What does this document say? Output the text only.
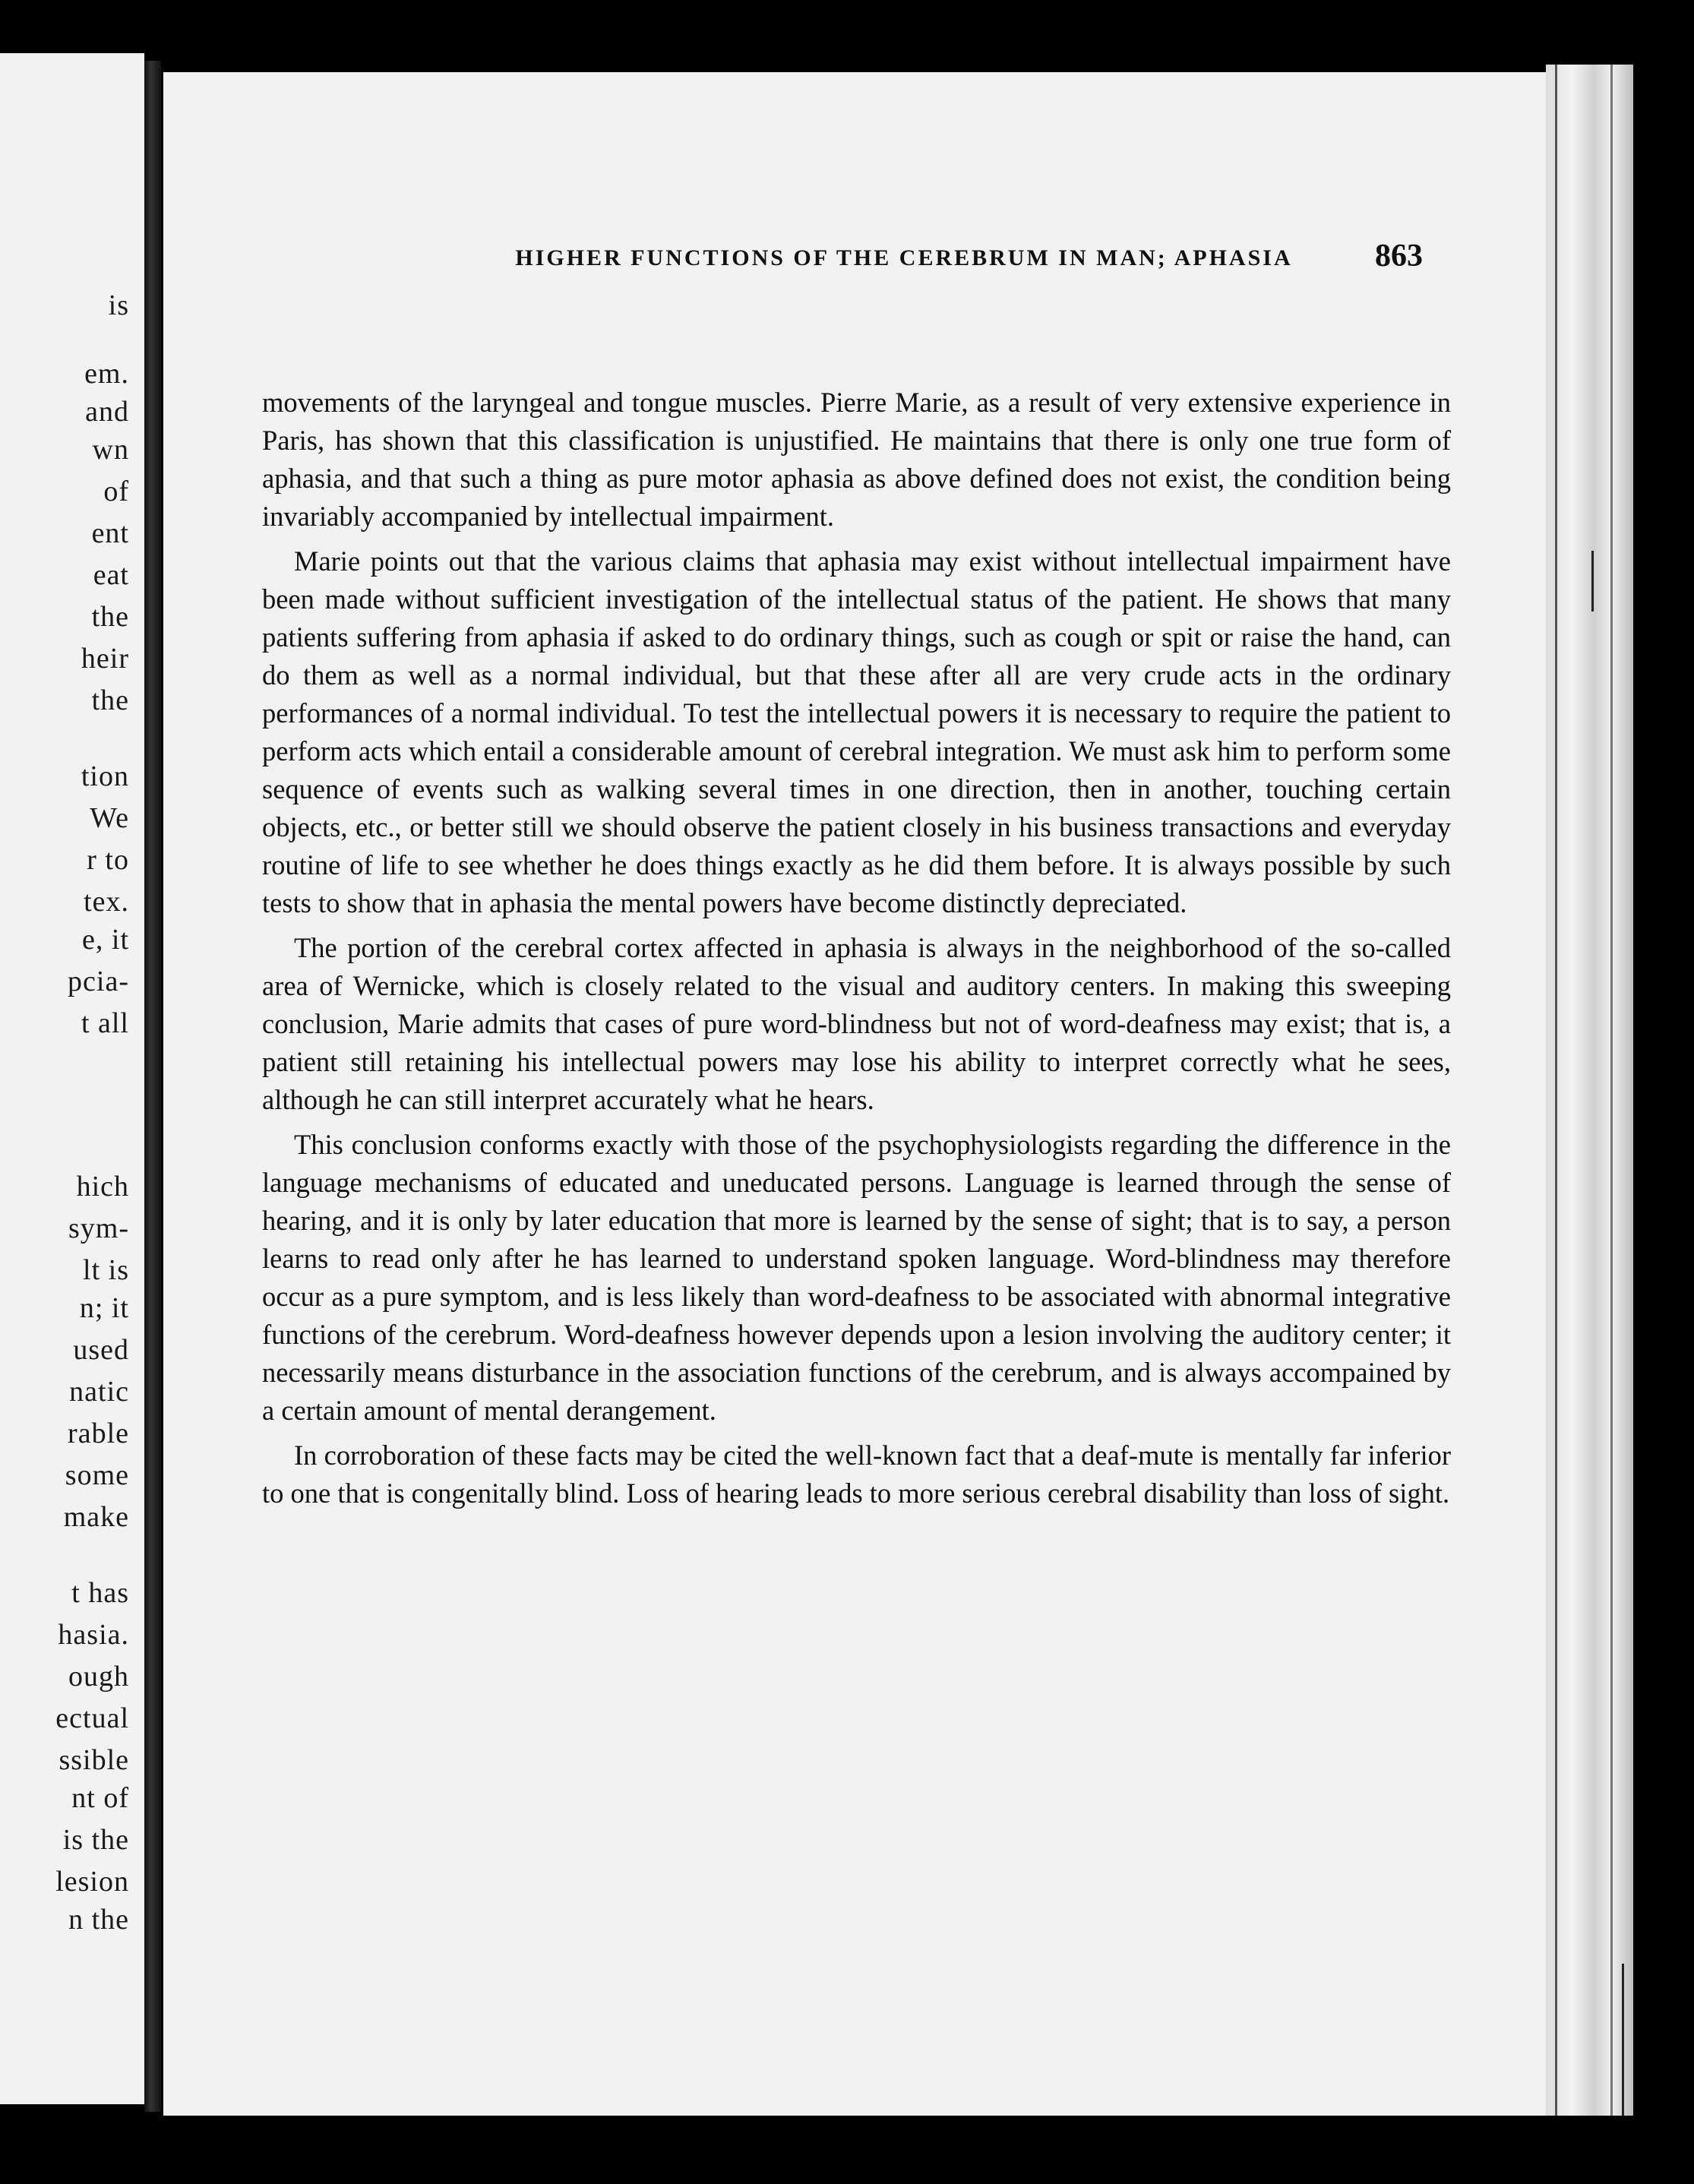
is
em.
and
wn
of
ent
eat
the
heir
the
tion
We
r to
tex.
e, it
pcia-
t all
hich
sym-
lt is
n; it
used
natic
rable
some
make
t has
hasia.
ough
ectual
ssible
nt of
is the
lesion
n the
HIGHER FUNCTIONS OF THE CEREBRUM IN MAN; APHASIA	863

movements of the laryngeal and tongue muscles. Pierre Marie, as a result of very extensive experience in Paris, has shown that this classification is unjustified. He maintains that there is only one true form of aphasia, and that such a thing as pure motor aphasia as above defined does not exist, the condition being invariably accompanied by intellectual impairment.

Marie points out that the various claims that aphasia may exist without intellectual impairment have been made without sufficient investigation of the intellectual status of the patient. He shows that many patients suffering from aphasia if asked to do ordinary things, such as cough or spit or raise the hand, can do them as well as a normal individual, but that these after all are very crude acts in the ordinary performances of a normal individual. To test the intellectual powers it is necessary to require the patient to perform acts which entail a considerable amount of cerebral integration. We must ask him to perform some sequence of events such as walking several times in one direction, then in another, touching certain objects, etc., or better still we should observe the patient closely in his business transactions and everyday routine of life to see whether he does things exactly as he did them before. It is always possible by such tests to show that in aphasia the mental powers have become distinctly depreciated.

The portion of the cerebral cortex affected in aphasia is always in the neighborhood of the so-called area of Wernicke, which is closely related to the visual and auditory centers. In making this sweeping conclusion, Marie admits that cases of pure word-blindness but not of word-deafness may exist; that is, a patient still retaining his intellectual powers may lose his ability to interpret correctly what he sees, although he can still interpret accurately what he hears.

This conclusion conforms exactly with those of the psychophysiologists regarding the difference in the language mechanisms of educated and uneducated persons. Language is learned through the sense of hearing, and it is only by later education that more is learned by the sense of sight; that is to say, a person learns to read only after he has learned to understand spoken language. Word-blindness may therefore occur as a pure symptom, and is less likely than word-deafness to be associated with abnormal integrative functions of the cerebrum. Word-deafness however depends upon a lesion involving the auditory center; it necessarily means disturbance in the association functions of the cerebrum, and is always accompained by a certain amount of mental derangement.

In corroboration of these facts may be cited the well-known fact that a deaf-mute is mentally far inferior to one that is congenitally blind. Loss of hearing leads to more serious cerebral disability than loss of sight.
